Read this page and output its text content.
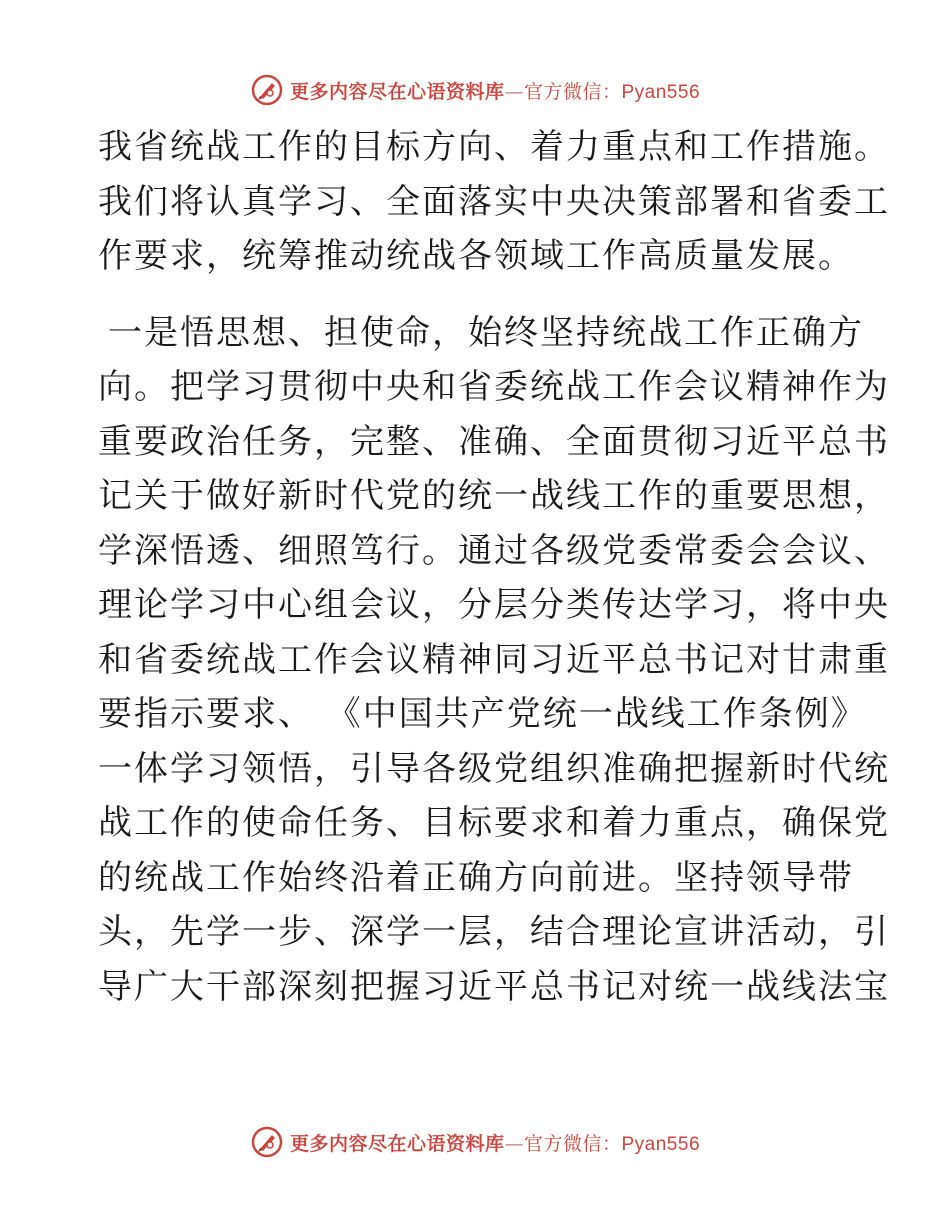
更多内容尽在心语资料库—官方微信：Pyan556
我省统战工作的目标方向、着力重点和工作措施。
我们将认真学习、全面落实中央决策部署和省委工
作要求，统筹推动统战各领域工作高质量发展。
一是悟思想、担使命，始终坚持统战工作正确方
向。把学习贯彻中央和省委统战工作会议精神作为
重要政治任务，完整、准确、全面贯彻习近平总书
记关于做好新时代党的统一战线工作的重要思想，
学深悟透、细照笃行。通过各级党委常委会会议、
理论学习中心组会议，分层分类传达学习，将中央
和省委统战工作会议精神同习近平总书记对甘肃重
要指示要求、 《中国共产党统一战线工作条例》
一体学习领悟，引导各级党组织准确把握新时代统
战工作的使命任务、目标要求和着力重点，确保党
的统战工作始终沿着正确方向前进。坚持领导带
头，先学一步、深学一层，结合理论宣讲活动，引
导广大干部深刻把握习近平总书记对统一战线法宝
更多内容尽在心语资料库—官方微信：Pyan556
